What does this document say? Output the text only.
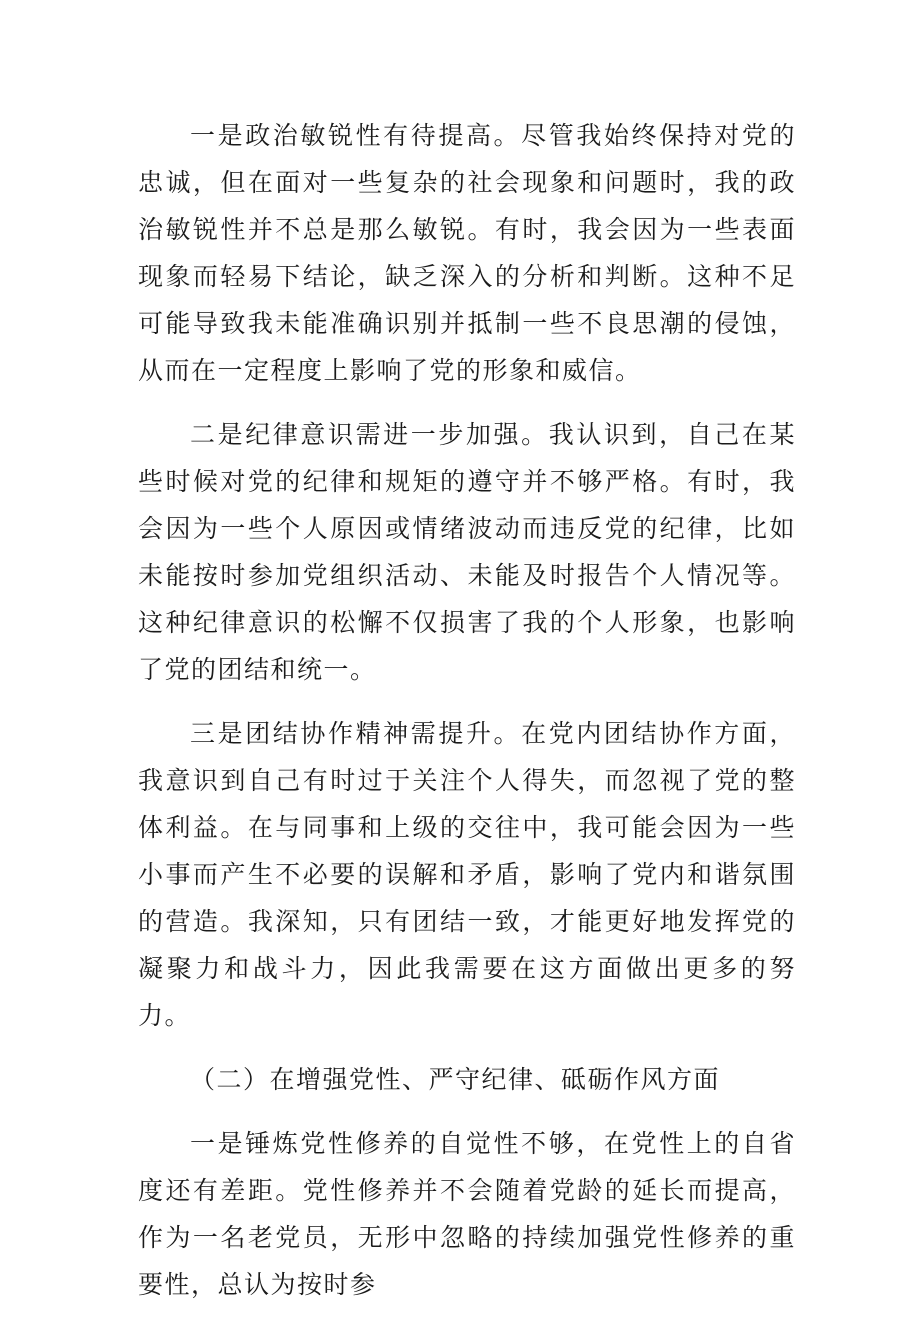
一是政治敏锐性有待提高。尽管我始终保持对党的忠诚，但在面对一些复杂的社会现象和问题时，我的政治敏锐性并不总是那么敏锐。有时，我会因为一些表面现象而轻易下结论，缺乏深入的分析和判断。这种不足可能导致我未能准确识别并抵制一些不良思潮的侵蚀，从而在一定程度上影响了党的形象和威信。

二是纪律意识需进一步加强。我认识到，自己在某些时候对党的纪律和规矩的遵守并不够严格。有时，我会因为一些个人原因或情绪波动而违反党的纪律，比如未能按时参加党组织活动、未能及时报告个人情况等。这种纪律意识的松懈不仅损害了我的个人形象，也影响了党的团结和统一。

三是团结协作精神需提升。在党内团结协作方面，我意识到自己有时过于关注个人得失，而忽视了党的整体利益。在与同事和上级的交往中，我可能会因为一些小事而产生不必要的误解和矛盾，影响了党内和谐氛围的营造。我深知，只有团结一致，才能更好地发挥党的凝聚力和战斗力，因此我需要在这方面做出更多的努力。

（二）在增强党性、严守纪律、砥砺作风方面

一是锤炼党性修养的自觉性不够，在党性上的自省度还有差距。党性修养并不会随着党龄的延长而提高，作为一名老党员，无形中忽略的持续加强党性修养的重要性，总认为按时参
